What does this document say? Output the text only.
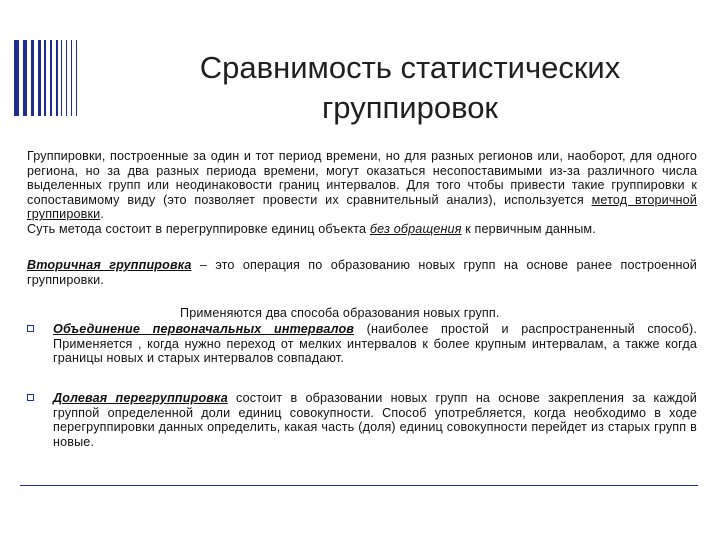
Сравнимость статистических
группировок
Группировки, построенные за один и тот период времени, но для разных регионов или, наоборот, для одного региона, но за два разных периода времени, могут оказаться несопоставимыми из-за различного числа выделенных групп или неодинаковости границ интервалов. Для того чтобы привести такие группировки к сопоставимому виду (это позволяет провести их сравнительный анализ), используется метод вторичной группировки.
Суть метода состоит в перегруппировке единиц объекта без обращения к первичным данным.
Вторичная группировка – это операция по образованию новых групп на основе ранее построенной группировки.
Применяются два способа образования новых групп.
Объединение первоначальных интервалов (наиболее простой и распространенный способ). Применяется , когда нужно переход от мелких интервалов к более крупным интервалам, а также когда границы новых и старых интервалов совпадают.
Долевая перегруппировка состоит в образовании новых групп на основе закрепления за каждой группой определенной доли единиц совокупности. Способ употребляется, когда необходимо в ходе перегруппировки данных определить, какая часть (доля) единиц совокупности перейдет из старых групп в новые.
